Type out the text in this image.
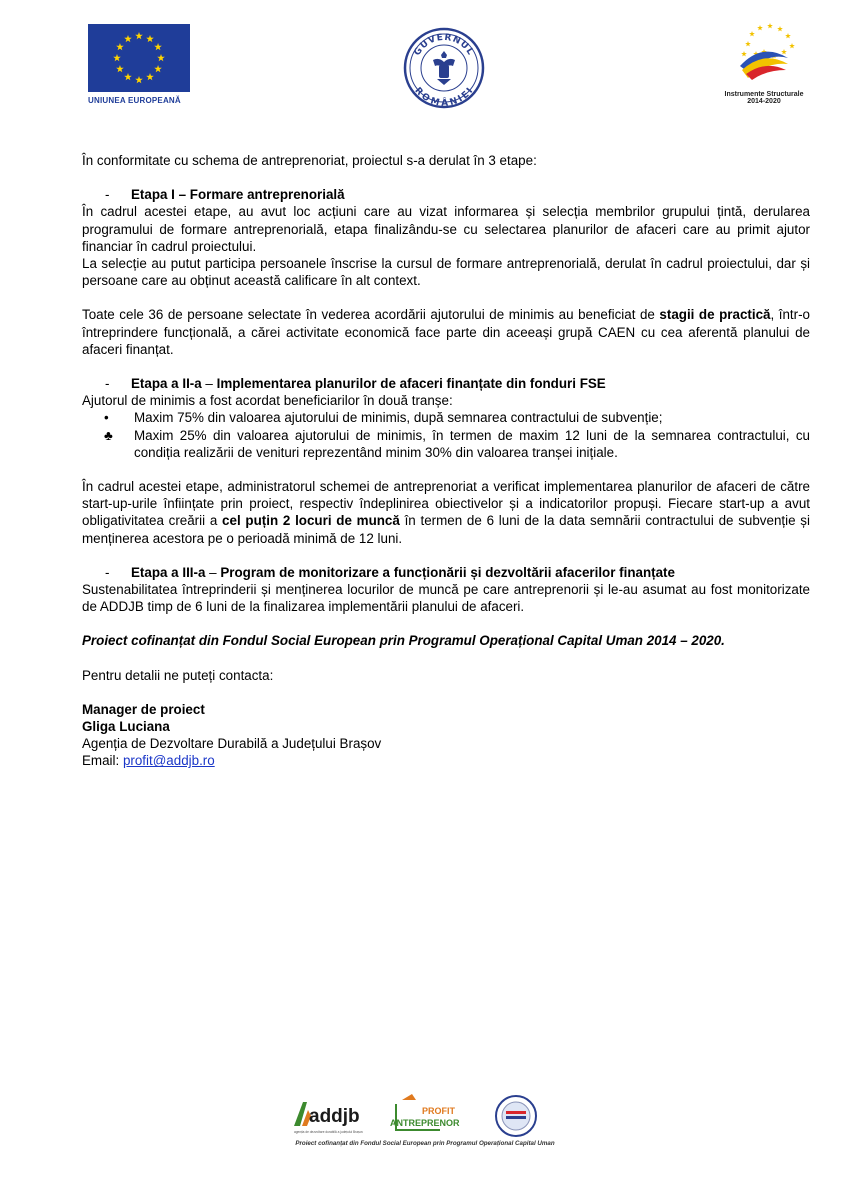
UNIUNEA EUROPEANĂ
GUVERNUL
ROMÂNIEI	Instrumente Structurale
2014-2020

În conformitate cu schema de antreprenoriat, proiectul s-a derulat în 3 etape:

- Etapa I – Formare antreprenorială

În cadrul acestei etape, au avut loc acțiuni care au vizat informarea și selecția membrilor grupului țintă, derularea programului de formare antreprenorială, etapa finalizându-se cu selectarea planurilor de afaceri care au primit ajutor financiar în cadrul proiectului.

La selecție au putut participa persoanele înscrise la cursul de formare antreprenorială, derulat în cadrul proiectului, dar și persoane care au obținut această calificare în alt context.

Toate cele 36 de persoane selectate în vederea acordării ajutorului de minimis au beneficiat de stagii de practică, într-o întreprindere funcțională, a cărei activitate economică face parte din aceeași grupă CAEN cu cea aferentă planului de afaceri finanțat.

- Etapa a II-a – Implementarea planurilor de afaceri finanțate din fonduri FSE

Ajutorul de minimis a fost acordat beneficiarilor în două tranșe:

•	Maxim 75% din valoarea ajutorului de minimis, după semnarea contractului de subvenție;
♣	Maxim 25% din valoarea ajutorului de minimis, în termen de maxim 12 luni de la semnarea contractului, cu condiția realizării de venituri reprezentând minim 30% din valoarea tranșei inițiale.

În cadrul acestei etape, administratorul schemei de antreprenoriat a verificat implementarea planurilor de afaceri de către start-up-urile înființate prin proiect, respectiv îndeplinirea obiectivelor și a indicatorilor propuși. Fiecare start-up a avut obligativitatea creării a cel puțin 2 locuri de muncă în termen de 6 luni de la data semnării contractului de subvenție și menținerea acestora pe o perioadă minimă de 12 luni.

- Etapa a III-a – Program de monitorizare a funcționării și dezvoltării afacerilor finanțate

Sustenabilitatea întreprinderii și menținerea locurilor de muncă pe care antreprenorii și le-au asumat au fost monitorizate de ADDJB timp de 6 luni de la finalizarea implementării planului de afaceri.

Proiect cofinanțat din Fondul Social European prin Programul Operațional Capital Uman 2014 – 2020.

Pentru detalii ne puteți contacta:

Manager de proiect

Gliga Luciana

Agenția de Dezvoltare Durabilă a Județului Brașov

Email: profit@addjb.ro

addjb
agenția de dezvoltare durabilă a județului Brașov
PROFIT
ANTREPRENOR
Proiect cofinanțat din Fondul Social European prin Programul Operațional Capital Uman
